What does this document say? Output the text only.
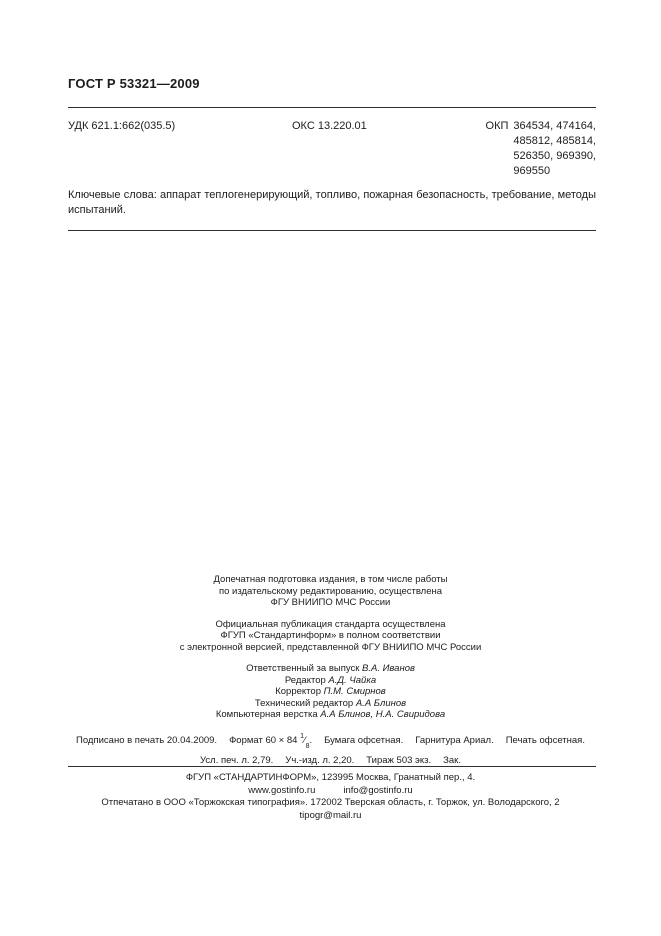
ГОСТ Р 53321—2009
УДК 621.1:662(035.5)	ОКС 13.220.01	ОКП 364534, 474164,
485812, 485814,
526350, 969390,
969550

Ключевые слова: аппарат теплогенерирующий, топливо, пожарная безопасность, требование, методы испытаний.

Допечатная подготовка издания, в том числе работы
по издательскому редактированию, осуществлена
ФГУ ВНИИПО МЧС России
Официальная публикация стандарта осуществлена
ФГУП «Стандартинформ» в полном соответствии
с электронной версией, представленной ФГУ ВНИИПО МЧС России
Ответственный за выпуск В.А. Иванов
Редактор А.Д. Чайка
Корректор П.М. Смирнов
Технический редактор А.А Блинов
Компьютерная верстка А.А Блинов, Н.А. Свиридова
Подписано в печать 20.04.2009. Формат 60 × 84 $^1⁄_8$. Бумага офсетная. Гарнитура Ариал. Печать офсетная.
Усл. печ. л. 2,79. Уч.-изд. л. 2,20. Тираж 503 экз. Зак.
ФГУП «СТАНДАРТИНФОРМ», 123995 Москва, Гранатный пер., 4.
www.gostinfo.ru	info@gostinfo.ru
Отпечатано в ООО «Торжокская типография». 172002 Тверская область, г. Торжок, ул. Володарского, 2
tipogr@mail.ru
